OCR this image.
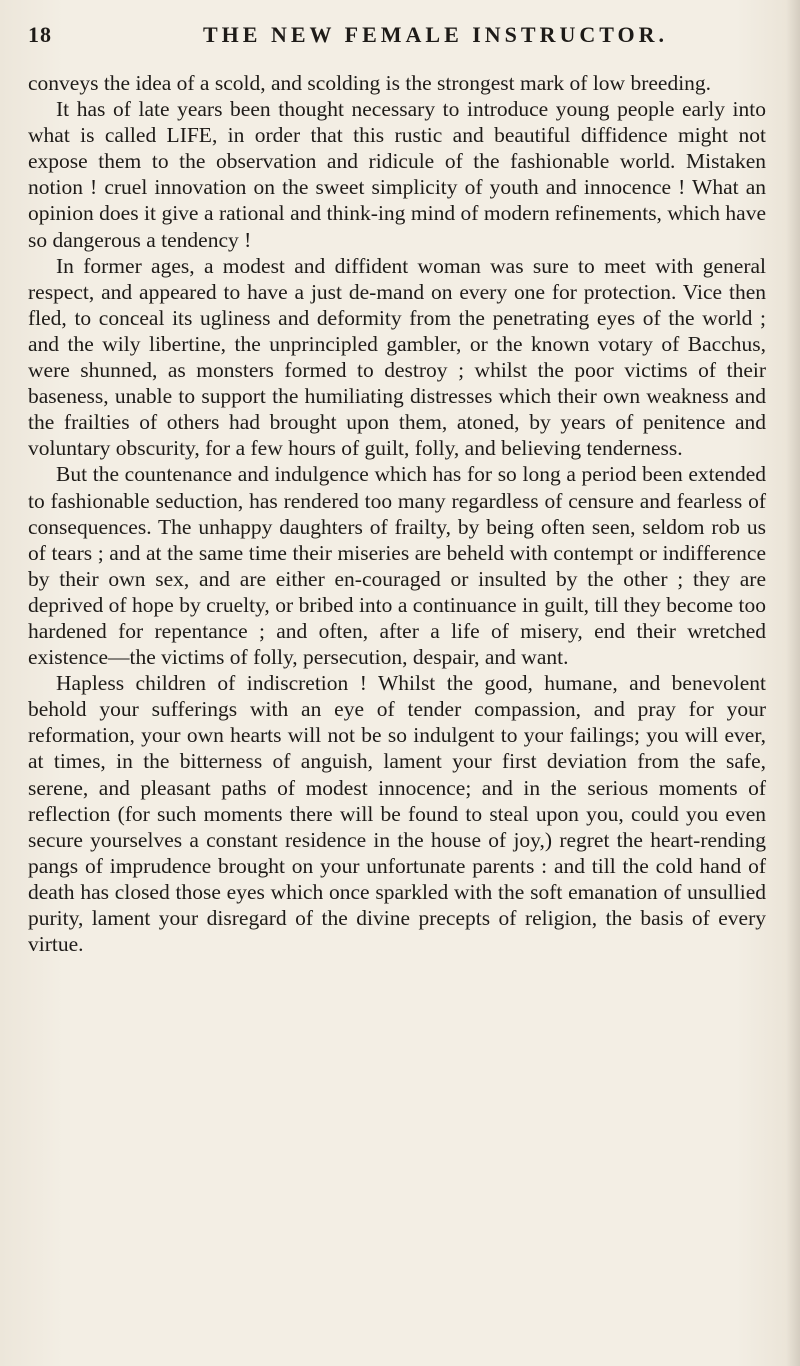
18	THE NEW FEMALE INSTRUCTOR.

conveys the idea of a scold, and scolding is the strongest mark of low breeding.

It has of late years been thought necessary to introduce young people early into what is called LIFE, in order that this rustic and beautiful diffidence might not expose them to the observation and ridicule of the fashionable world. Mistaken notion ! cruel innovation on the sweet simplicity of youth and innocence ! What an opinion does it give a rational and think-ing mind of modern refinements, which have so dangerous a tendency !

In former ages, a modest and diffident woman was sure to meet with general respect, and appeared to have a just de-mand on every one for protection. Vice then fled, to conceal its ugliness and deformity from the penetrating eyes of the world ; and the wily libertine, the unprincipled gambler, or the known votary of Bacchus, were shunned, as monsters formed to destroy ; whilst the poor victims of their baseness, unable to support the humiliating distresses which their own weakness and the frailties of others had brought upon them, atoned, by years of penitence and voluntary obscurity, for a few hours of guilt, folly, and believing tenderness.

But the countenance and indulgence which has for so long a period been extended to fashionable seduction, has rendered too many regardless of censure and fearless of consequences. The unhappy daughters of frailty, by being often seen, seldom rob us of tears ; and at the same time their miseries are beheld with contempt or indifference by their own sex, and are either en-couraged or insulted by the other ; they are deprived of hope by cruelty, or bribed into a continuance in guilt, till they become too hardened for repentance ; and often, after a life of misery, end their wretched existence—the victims of folly, persecution, despair, and want.

Hapless children of indiscretion ! Whilst the good, humane, and benevolent behold your sufferings with an eye of tender compassion, and pray for your reformation, your own hearts will not be so indulgent to your failings; you will ever, at times, in the bitterness of anguish, lament your first deviation from the safe, serene, and pleasant paths of modest innocence; and in the serious moments of reflection (for such moments there will be found to steal upon you, could you even secure yourselves a constant residence in the house of joy,) regret the heart-rending pangs of imprudence brought on your unfortunate parents : and till the cold hand of death has closed those eyes which once sparkled with the soft emanation of unsullied purity, lament your disregard of the divine precepts of religion, the basis of every virtue.
